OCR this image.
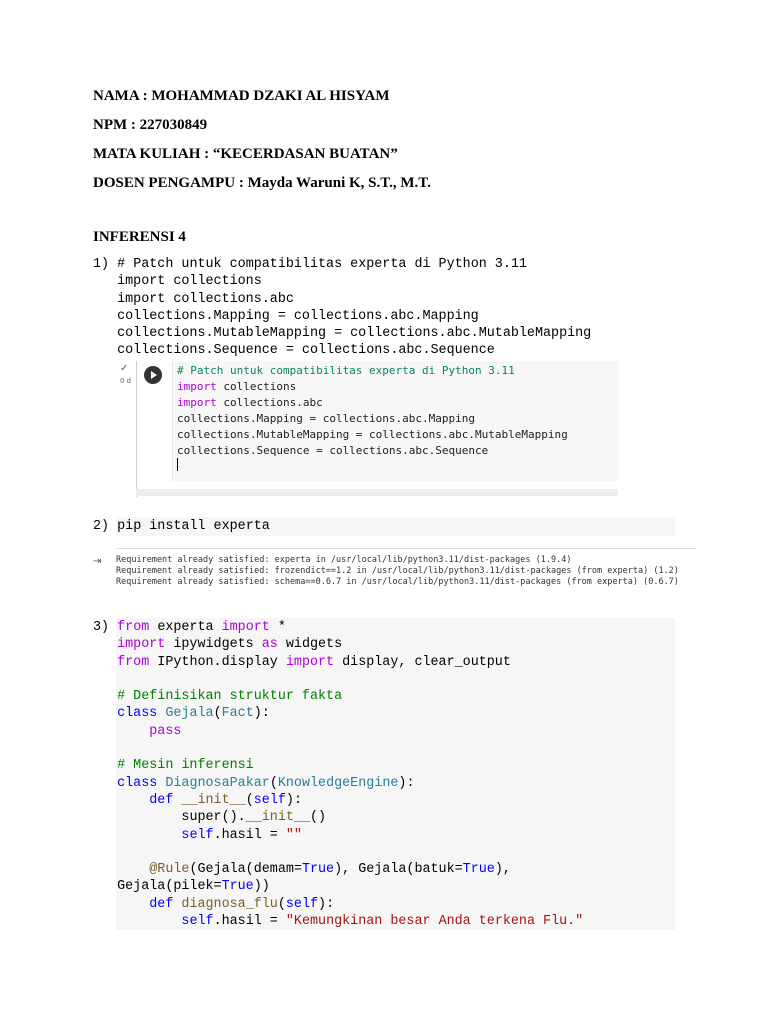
NAMA : MOHAMMAD DZAKI AL HISYAM
NPM : 227030849
MATA KULIAH : “KECERDASAN BUATAN”
DOSEN PENGAMPU : Mayda Waruni K, S.T., M.T.
INFERENSI 4
1) # Patch untuk compatibilitas experta di Python 3.11
import collections
import collections.abc
collections.Mapping = collections.abc.Mapping
collections.MutableMapping = collections.abc.MutableMapping
collections.Sequence = collections.abc.Sequence
✓
0 d
# Patch untuk compatibilitas experta di Python 3.11
import collections
import collections.abc
collections.Mapping = collections.abc.Mapping
collections.MutableMapping = collections.abc.MutableMapping
collections.Sequence = collections.abc.Sequence

2) pip install experta
⇥ Requirement already satisfied: experta in /usr/local/lib/python3.11/dist-packages (1.9.4)
Requirement already satisfied: frozendict==1.2 in /usr/local/lib/python3.11/dist-packages (from experta) (1.2)
Requirement already satisfied: schema==0.6.7 in /usr/local/lib/python3.11/dist-packages (from experta) (0.6.7)
3) from experta import *
import ipywidgets as widgets
from IPython.display import display, clear_output

# Definisikan struktur fakta
class Gejala(Fact):
pass

# Mesin inferensi
class DiagnosaPakar(KnowledgeEngine):
def __init__(self):
super().__init__()
self.hasil = ""

@Rule(Gejala(demam=True), Gejala(batuk=True),
Gejala(pilek=True))
def diagnosa_flu(self):
self.hasil = "Kemungkinan besar Anda terkena Flu."
